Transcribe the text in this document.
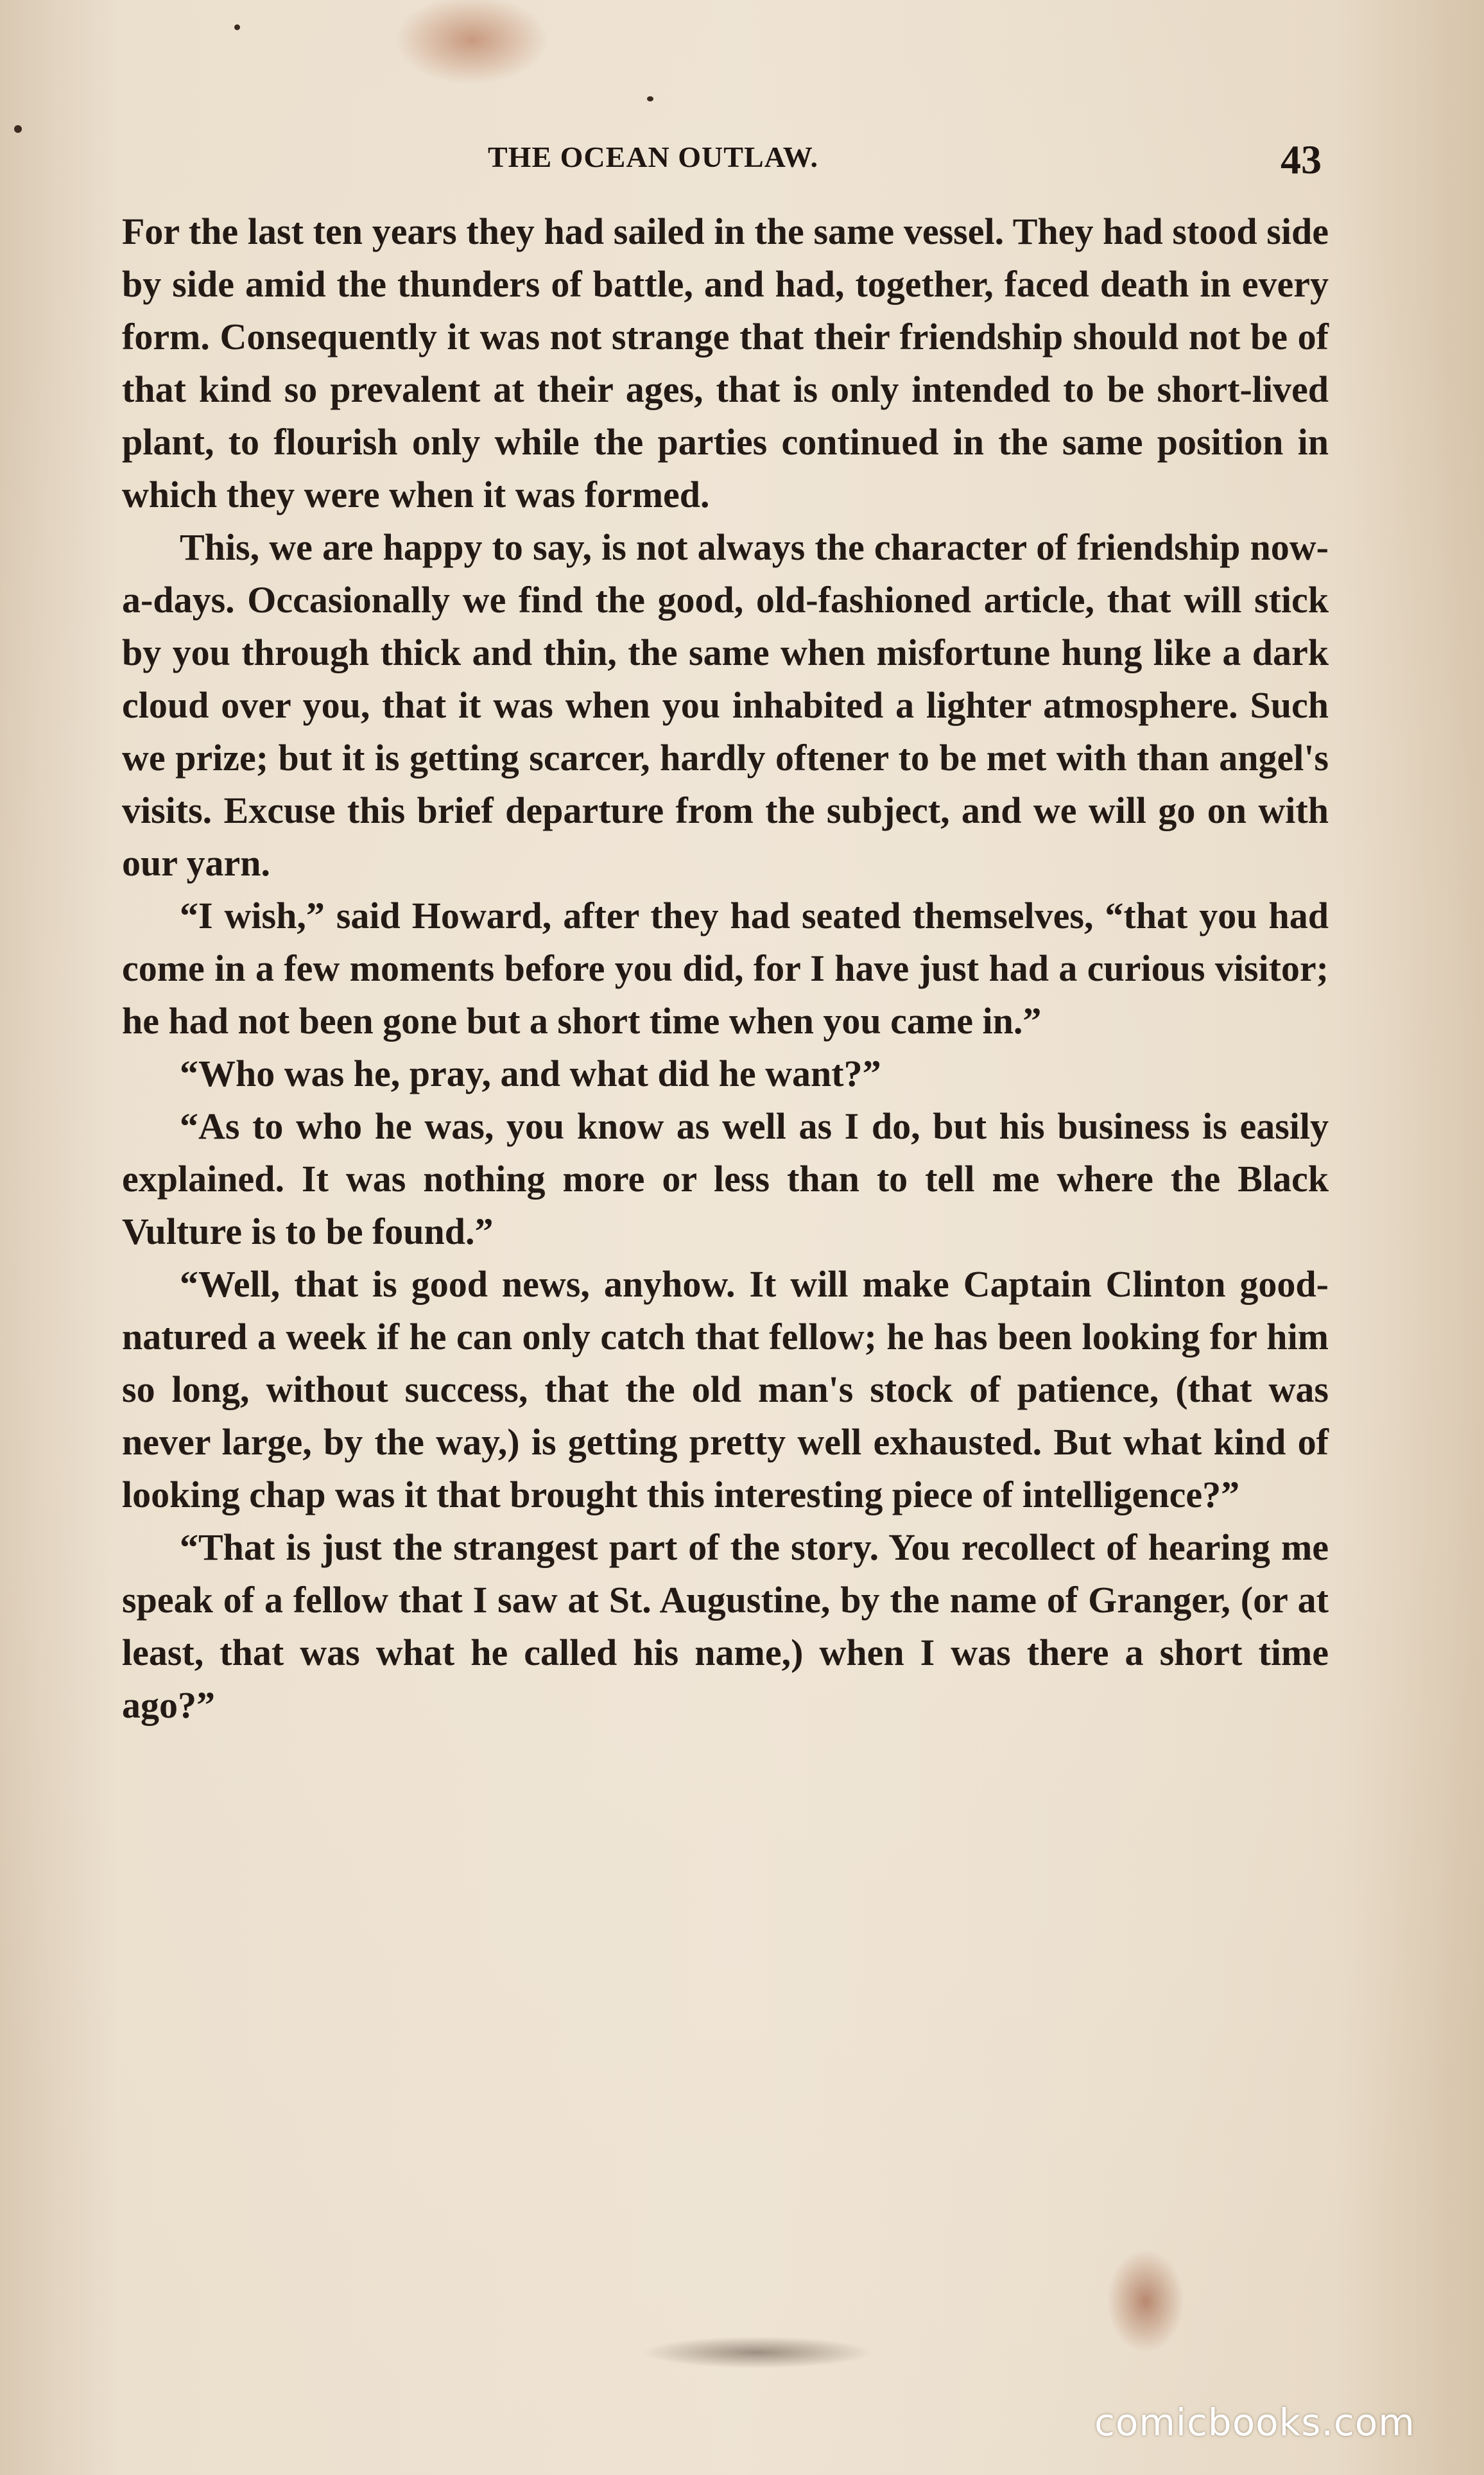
THE OCEAN OUTLAW.	43

For the last ten years they had sailed in the same vessel. They had stood side by side amid the thunders of battle, and had, together, faced death in every form. Consequently it was not strange that their friendship should not be of that kind so prevalent at their ages, that is only intended to be short-lived plant, to flourish only while the parties continued in the same position in which they were when it was formed.

This, we are happy to say, is not always the character of friendship now-a-days. Occasionally we find the good, old-fashioned article, that will stick by you through thick and thin, the same when misfortune hung like a dark cloud over you, that it was when you inhabited a lighter atmosphere. Such we prize; but it is getting scarcer, hardly oftener to be met with than angel's visits. Excuse this brief departure from the subject, and we will go on with our yarn.

“I wish,” said Howard, after they had seated themselves, “that you had come in a few moments before you did, for I have just had a curious visitor; he had not been gone but a short time when you came in.”

“Who was he, pray, and what did he want?”

“As to who he was, you know as well as I do, but his business is easily explained. It was nothing more or less than to tell me where the Black Vulture is to be found.”

“Well, that is good news, anyhow. It will make Captain Clinton good-natured a week if he can only catch that fellow; he has been looking for him so long, without success, that the old man's stock of patience, (that was never large, by the way,) is getting pretty well exhausted. But what kind of looking chap was it that brought this interesting piece of intelligence?”

“That is just the strangest part of the story. You recollect of hearing me speak of a fellow that I saw at St. Augustine, by the name of Granger, (or at least, that was what he called his name,) when I was there a short time ago?”

comicbooks.com
